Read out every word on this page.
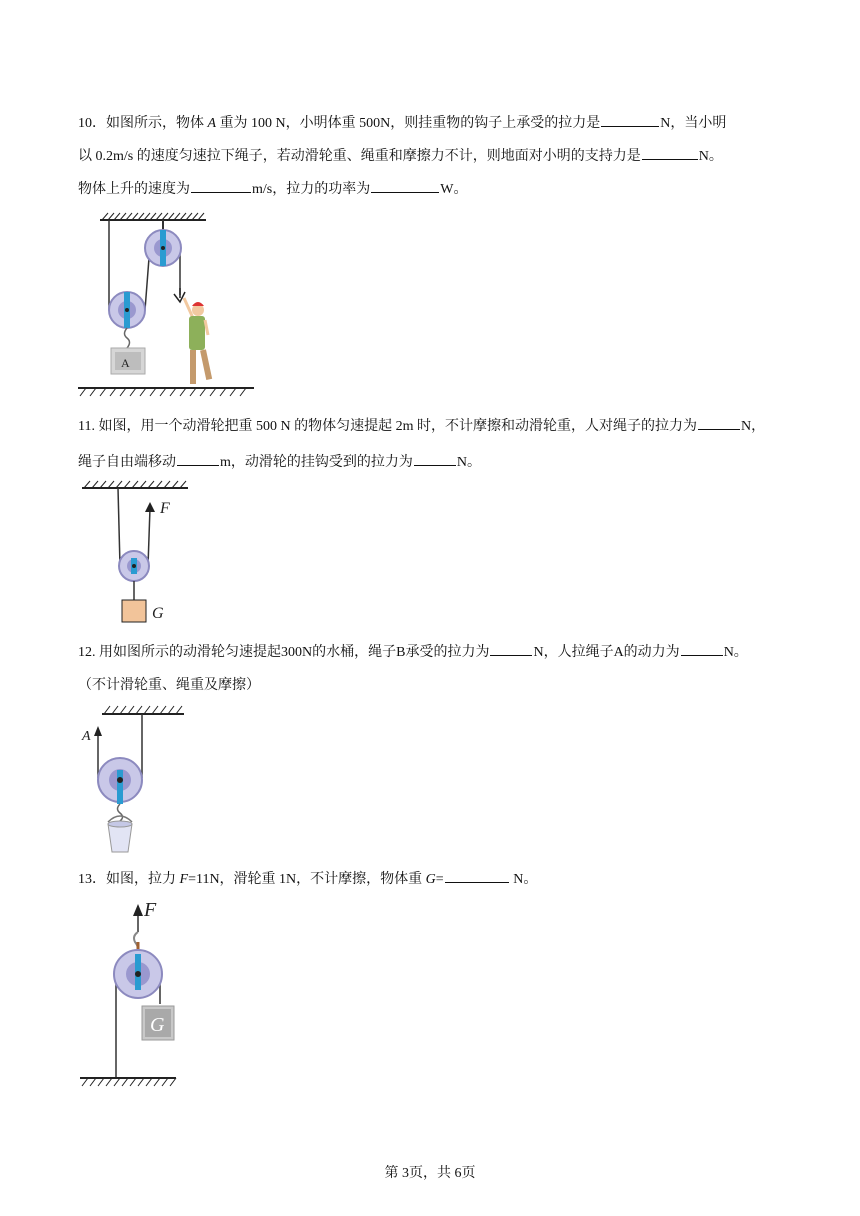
10．如图所示，物体 A 重为 100 N，小明体重 500N，则挂重物的钩子上承受的拉力是	N，当小明
以 0.2m/s 的速度匀速拉下绳子，若动滑轮重、绳重和摩擦力不计，则地面对小明的支持力是	N。
物体上升的速度为	m/s，拉力的功率为	W。
A
11. 如图，用一个动滑轮把重 500 N 的物体匀速提起 2m 时，不计摩擦和动滑轮重，人对绳子的拉力为	N，
绳子自由端移动	m，动滑轮的挂钩受到的拉力为	N。
F
G
12. 用如图所示的动滑轮匀速提起300N的水桶，绳子B承受的拉力为	N，人拉绳子A的动力为	N。
（不计滑轮重、绳重及摩擦）
A
13．如图，拉力 F=11N，滑轮重 1N，不计摩擦，物体重 G=	N。
F
G
第 3页，共 6页
